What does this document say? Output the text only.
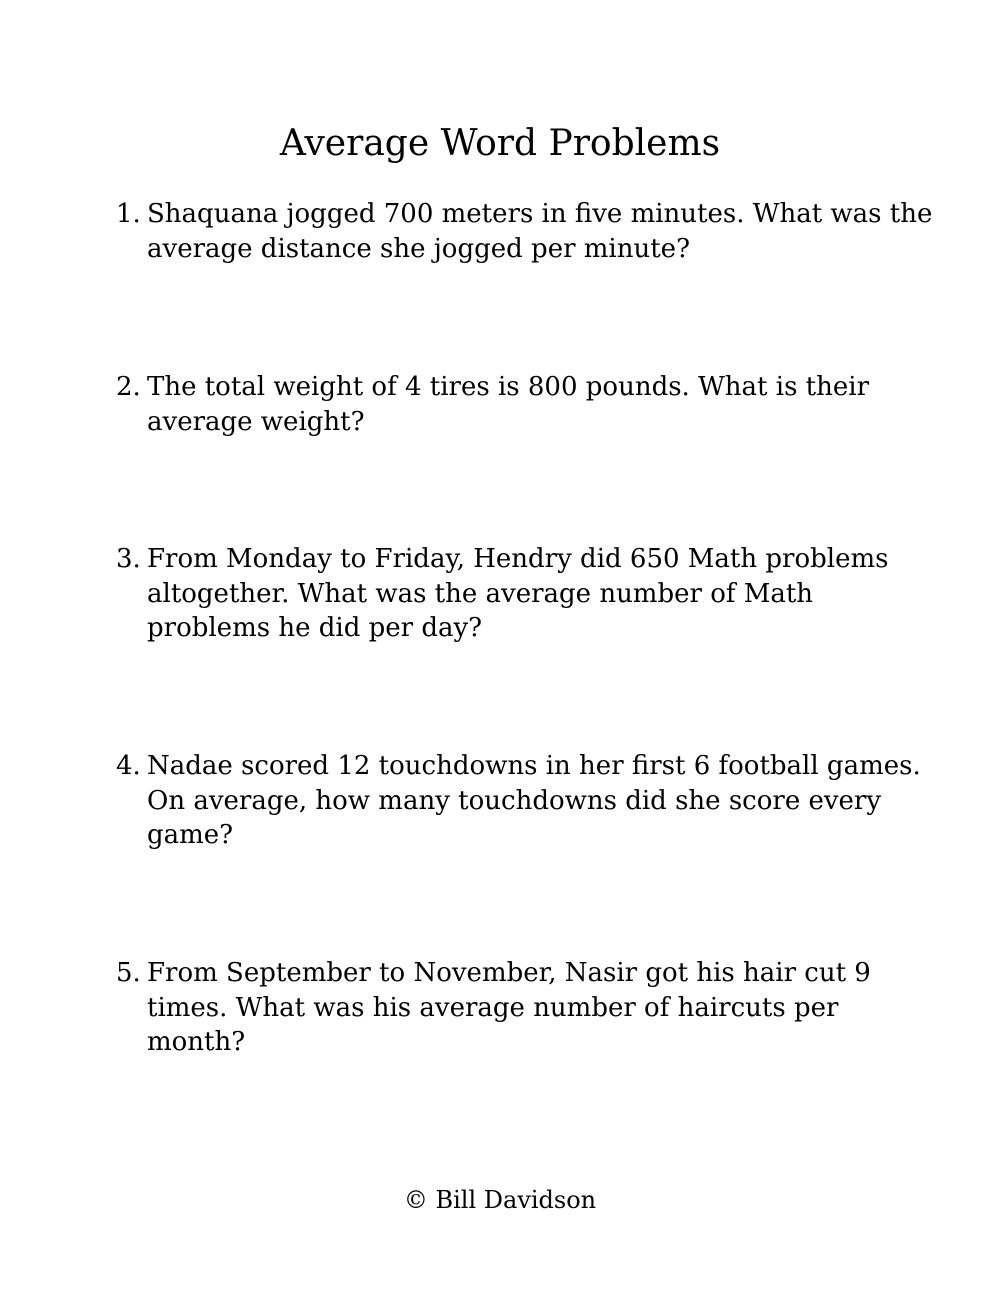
Average Word Problems
1. Shaquana jogged 700 meters in five minutes. What was the average distance she jogged per minute?
2. The total weight of 4 tires is 800 pounds. What is their average weight?
3. From Monday to Friday, Hendry did 650 Math problems altogether. What was the average number of Math problems he did per day?
4. Nadae scored 12 touchdowns in her first 6 football games. On average, how many touchdowns did she score every game?
5. From September to November, Nasir got his hair cut 9 times. What was his average number of haircuts per month?
© Bill Davidson
